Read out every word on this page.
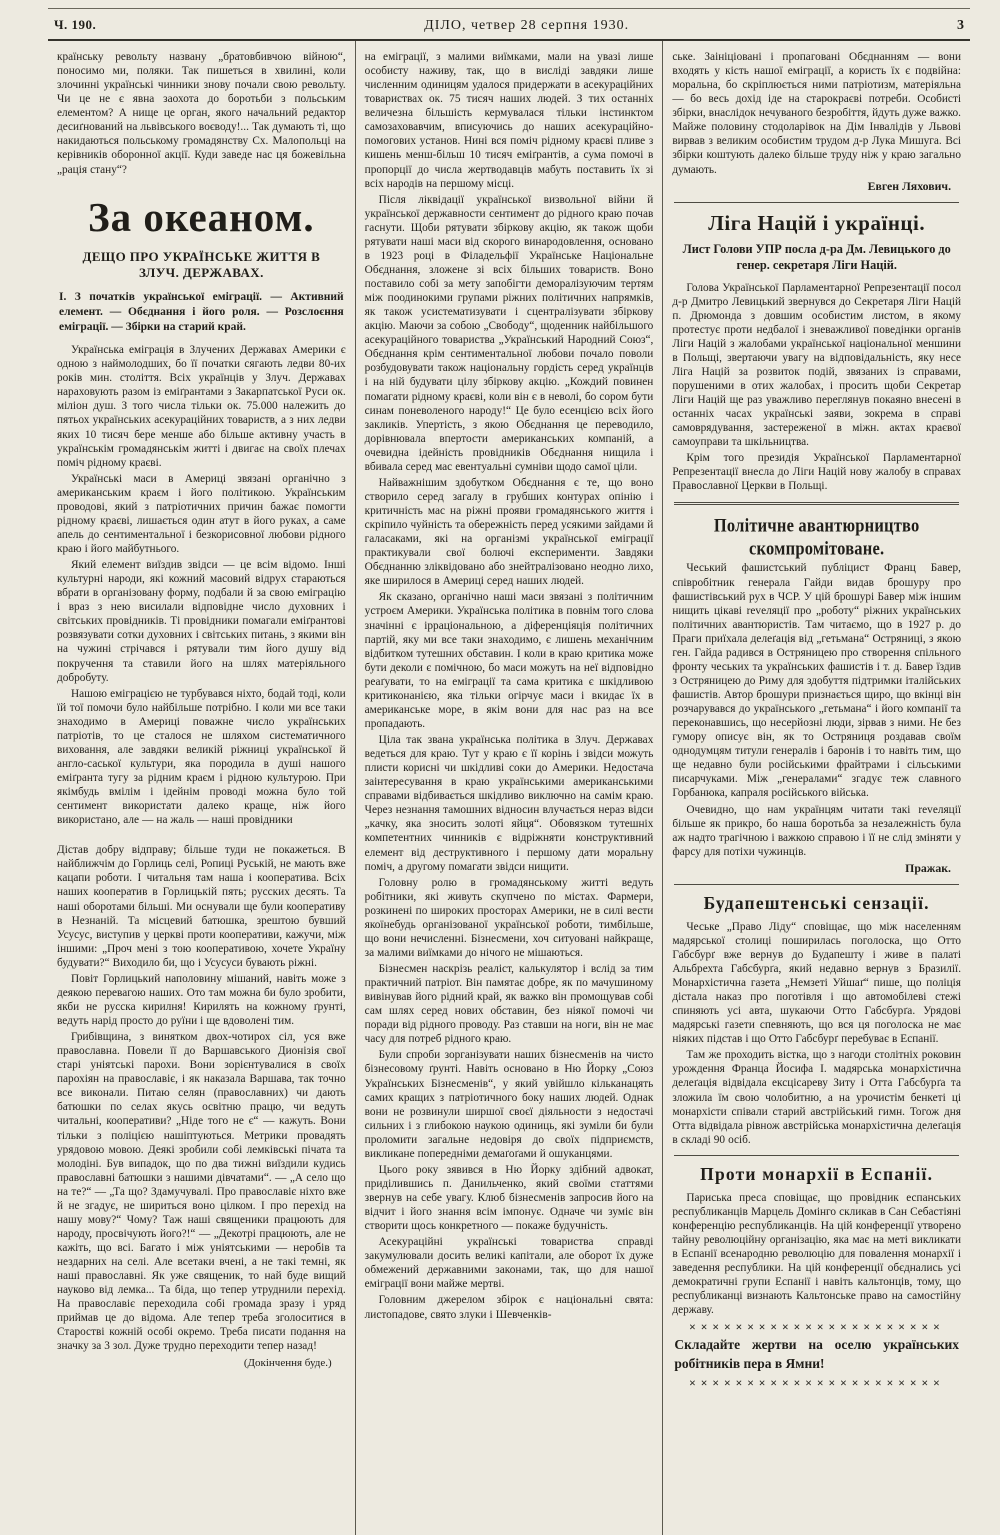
Ч. 190.	ДІЛО, четвер 28 серпня 1930.	3

країнську револьту названу „братовбивчою війною“, поносимо ми, поляки. Так пишеться в хвилині, коли злочинні українські чинники знову почали свою револьту. Чи це не є явна заохота до боротьби з польським елементом? А нище це орган, якого начальний редактор десиґнований на львівського воєводу!... Так думають ті, що накидаються польському громадянству Сх. Малопольці на керівників оборонної акції. Куди заведе нас ця божевільна „рація стану“?

За океаном.
ДЕЩО ПРО УКРАЇНСЬКЕ ЖИТТЯ В ЗЛУЧ. ДЕРЖАВАХ.

І. З початків української еміграції. — Активний елемент. — Обєднання і його роля. — Розслоєння еміграції. — Збірки на старий край.

Українська еміграція в Злучених Державах Америки є одною з наймолодших, бо її початки сягають ледви 80-их років мин. століття. Всіх українців у Злуч. Державах нараховують разом із еміґрантами з Закарпатської Руси ок. міліон душ. З того числа тільки ок. 75.000 належить до пятьох українських асекураційних товариств, а з них ледви яких 10 тисяч бере менше або більше активну участь в українськім громадянськім житті і двигає на своїх плечах поміч рідному краєві.

Українські маси в Америці звязані органічно з американським краєм і його політикою. Українським проводові, який з патріотичних причин бажає помогти рідному краєві, лишається один атут в його руках, а саме апель до сентиментальної і безкорисовної любови рідного краю і його майбутнього.

Який елемент виїздив звідси — це всім відомо. Інші культурні народи, які кожний масовий відрух стараються вбрати в організовану форму, подбали й за свою еміграцію і враз з нею висилали відповідне число духовних і світських провідників. Ті провідники помагали еміґрантові розвязувати сотки духовних і світських питань, з якими він на чужині стрічався і рятували тим його душу від покручення та ставили його на шлях матеріяльного добробуту.

Нашою еміграцією не турбувався ніхто, бодай тоді, коли їй тої помочи було найбільше потрібно. І коли ми все таки знаходимо в Америці поважне число українських патріотів, то це сталося не шляхом систематичного виховання, але завдяки великій ріжниці української й англо-саської культури, яка породила в душі нашого еміґранта тугу за рідним краєм і рідною культурою. При якімбудь вмілім і ідейнім проводі можна було той сентимент використати далеко краще, ніж його використано, але — на жаль — наші провідники

Дістав добру відправу; більше туди не покажеться. В найближчім до Горлиць селі, Ропиці Руській, не мають вже кацапи роботи. І читальня там наша і кооператива. Всіх наших кооператив в Горлицькій пять; русских десять. Та наші оборотами більші. Ми оснували ще були кооперативу в Незнаній. Та місцевий батюшка, зрештою бувший Усусус, виступив у церкві проти кооперативи, кажучи, між іншими: „Проч мені з тою кооперативою, хочете Україну будувати?“ Виходило би, що і Усусуси бувають ріжні.

Повіт Горлицький наполовину мішаний, навіть може з деякою перевагою наших. Ото там можна би було зробити, якби не русска кирилня! Кирилять на кожному ґрунті, ведуть нарід просто до руїни і ще вдоволені тим.

Грибівщина, з винятком двох-чотирох сіл, уся вже православна. Повели її до Варшавського Дионізія свої старі уніятські парохи. Вони зорієнтувалися в своїх парохіян на православіє, і як наказала Варшава, так точно все виконали. Питаю селян (православних) чи дають батюшки по селах якусь освітню працю, чи ведуть читальні, кооперативи? „Ніде того не є“ — кажуть. Вони тільки з поліцією нашіптуються. Метрики провадять урядовою мовою. Деякі зробили собі лемківські пічата та молодіні. Був випадок, що по два тижні виїздили кудись православні батюшки з нашими дівчатами“. — „А село що на те?“ — „Та що? Здамучувалі. Про православіє ніхто вже й не згадує, не шириться воно цілком. І про перехід на нашу мову?“ Чому? Таж наші священики працюють для народу, просвічують його?!“ — „Декотрі працюють, але не кажіть, що всі. Багато і між уніятськими — неробів та нездарних на селі. Але всетаки вчені, а не такі темні, як наші православні. Як уже священик, то най буде вищий науково від лемка... Та біда, що тепер утруднили перехід. На православіє переходила собі громада зразу і уряд приймав це до відома. Але тепер треба зголоситися в Старостві кожній особі окремо. Треба писати подання на значку за 3 зол. Дуже трудно переходити тепер назад!

(Докінчення буде.)

на еміграції, з малими виїмками, мали на увазі лише особисту наживу, так, що в висліді завдяки лише численним одиницям удалося придержати в асекураційних товариствах ок. 75 тисяч наших людей. З тих останніх величезна більшість кермувалася тільки інстинктом самозаховавчим, вписуючись до наших асекураційно-помогових установ. Нині вся поміч рідному краєві пливе з кишень менш-більш 10 тисяч еміґрантів, а сума помочі в пропорції до числа жертводавців мабуть поставить їх зі всіх народів на першому місці.

Після ліквідації української визвольної війни й української державности сентимент до рідного краю почав гаснути. Щоби рятувати збіркову акцію, як також щоби рятувати наші маси від скорого винародовлення, основано в 1923 році в Філадельфії Українське Національне Обєднання, зложене зі всіх більших товариств. Воно поставило собі за мету запобігти деморалізуючим тертям між поодинокими групами ріжних політичних напрямків, як також усистематизувати і сцентралізувати збіркову акцію. Маючи за собою „Свободу“, щоденник найбільшого асекураційного товариства „Український Народний Союз“, Обєднання крім сентиментальної любови почало поволи розбудовувати також національну гордість серед українців і на ній будувати цілу збіркову акцію. „Кождий повинен помагати рідному краєві, коли він є в неволі, бо сором бути синам поневоленого народу!“ Це було есенцією всіх його закликів. Упертість, з якою Обєднання це переводило, дорівнювала впертости американських компаній, а очевидна ідейність провідників Обєднання нищила і вбивала серед мас евентуальні сумніви щодо самої ціли.

Найважнішим здобутком Обєднання є те, що воно створило серед загалу в грубших контурах опінію і критичність мас на ріжні прояви громадянського життя і скріпило чуйність та обережність перед усякими зайдами й галасаками, які на організмі української еміграції практикували свої болючі експерименти. Завдяки Обєднанню зліквідовано або знейтралізовано неодно лихо, яке ширилося в Америці серед наших людей.

Як сказано, органічно наші маси звязані з політичним устроєм Америки. Українська політика в повнім того слова значінні є ірраціональною, а діференціяція політичних партій, яку ми все таки знаходимо, є лишень механічним відбитком тутешних обставин. І коли в краю критика може бути деколи є помічною, бо маси можуть на неї відповідно реаґувати, то на еміграції та сама критика є шкідливою критиконанією, яка тільки огірчує маси і вкидає їх в американське море, в якім вони для нас раз на все пропадають.

Ціла так звана українська політика в Злуч. Державах ведеться для краю. Тут у краю є її корінь і звідси можуть плисти корисні чи шкідливі соки до Америки. Недостача заінтересування в краю українськими американськими справами відбивається шкідливо виключно на самім краю. Через незнання тамошних відносин влучається нераз відси „качку, яка зносить золоті яйця“. Обовязком тутешніх компетентних чинників є відріжняти конструктивний елемент від деструктивного і першому дати моральну поміч, а другому помагати звідси нищити.

Головну ролю в громадянському житті ведуть робітники, які живуть скупчено по містах. Фармери, розкинені по широких просторах Америки, не в силі вести якоїнебудь організованої української роботи, тимбільше, що вони нечисленні. Бізнесмени, хоч ситуовані найкраще, за малими виїмками до нічого не мішаються.

Бізнесмен наскрізь реаліст, калькулятор і вслід за тим практичний патріот. Він памятає добре, як по мачушиному вивінував його рідний край, як важко він промощував собі сам шлях серед нових обставин, без ніякої помочі чи поради від рідного проводу. Раз ставши на ноги, він не має часу для потреб рідного краю.

Були спроби зорганізувати наших бізнесменів на чисто бізнесовому ґрунті. Навіть основано в Ню Йорку „Союз Українських Бізнесменів“, у який увійшло кільканацять самих кращих з патріотичного боку наших людей. Однак вони не розвинули ширшої своєї діяльности з недостачі сильних і з глибокою наукою одиниць, які зуміли би були проломити загальне недовіря до своїх підприємств, викликане попередніми демаґоґами й ошуканцями.

Цього року зявився в Ню Йорку здібний адвокат, приділившись п. Данильченко, який своїми статтями звернув на себе увагу. Клюб бізнесменів запросив його на відчит і його знання всім імпонує. Одначе чи зуміє він створити щось конкретного — покаже будучність.

Асекураційні українські товариства справді закумулювали досить великі капітали, але оборот їх дуже обмежений державними законами, так, що для нашої еміграції вони майже мертві.

Головним джерелом збірок є національні свята: листопадове, свято злуки і Шевченків-

ське. Заініціовані і пропаговані Обєднанням — вони входять у кість нашої еміграції, а користь їх є подвійна: моральна, бо скріплюється ними патріотизм, матеріяльна — бо весь дохід іде на старокраєві потреби. Особисті збірки, внаслідок нечуваного безробіття, йдуть дуже важко. Майже половину стодоларівок на Дім Інвалідів у Львові вирвав з великим особистим трудом д-р Лука Мишуга. Всі збірки коштують далеко більше труду ніж у краю загально думають.

Евген Ляхович.

Ліга Націй і українці.
Лист Голови УПР посла д-ра Дм. Левицького до генер. секретаря Ліги Націй.

Голова Української Парламентарної Репрезентації посол д-р Дмитро Левицький звернувся до Секретаря Ліги Націй п. Дрюмонда з довшим особистим листом, в якому протестує проти недбалої і зневажливої поведінки органів Ліги Націй з жалобами української національної меншини в Польщі, звертаючи увагу на відповідальність, яку несе Ліга Націй за розвиток подій, звязаних із справами, порушеними в отих жалобах, і просить щоби Секретар Ліги Націй ще раз уважливо переглянув покаяно внесені в останніх часах українські заяви, зокрема в справі самоврядування, застереженої в міжн. актах краєвої самоуправи та шкільництва.

Крім того президія Української Парламентарної Репрезентації внесла до Ліги Націй нову жалобу в справах Православної Церкви в Польщі.

Політичне авантюрництво скомпромітоване.

Чеський фашистський публіцист Франц Бавер, співробітник генерала Гайди видав брошуру про фашистівський рух в ЧСР. У цій брошурі Бавер між іншим нищить цікаві revеляції про „роботу“ ріжних українських політичних авантюристів. Там читаємо, що в 1927 р. до Праги приїхала делеґація від „гетьмана“ Остряниці, з якою ген. Гайда радився в Остряницею про створення спільного фронту чеських та українських фашистів і т. д. Бавер їздив з Остряницею до Риму для здобуття підтримки італійських фашистів. Автор брошури признається щиро, що вкінці він розчарувався до українського „гетьмана“ і його компанії та переконавшись, що несерйозні люди, зірвав з ними. Не без гумору описує він, як то Остряниця роздавав своїм однодумцям титули генералів і баронів і то навіть тим, що ще недавно були російськими фрайтрами і сільськими писарчуками. Між „генералами“ згадує теж славного Горбанюка, капраля російського війська.

Очевидно, що нам українцям читати такі revеляції більше як прикро, бо наша боротьба за незалежність була аж надто трагічною і важкою справою і її не слід зміняти у фарсу для потіхи чужинців.

Пражак.

Будапештенські сензації.

Чеське „Право Ліду“ сповіщає, що між населенням мадярської столиці поширилась поголоска, що Отто Габсбурґ вже вернув до Будапешту і живе в палаті Альбрехта Габсбурґа, який недавно вернув з Бразилії. Монархістична газета „Немзеті Уйшаґ“ пише, що поліція дістала наказ про поготівля і що автомобілеві стежі спиняють усі авта, шукаючи Отто Габсбурґа. Урядові мадярські газети спевняють, що вся ця поголоска не має ніяких підстав і що Отто Габсбурґ перебуває в Еспанії.

Там же проходить вістка, що з нагоди столітніх роковин урождення Франца Йосифа І. мадярська монархістична делеґація відвідала ексцісареву Зиту і Отта Габсбурґа та зложила їм свою чолобитню, а на урочистім бенкеті ці монархісти співали старий австрійський гимн. Тогож дня Отта відвідала рівнож австрійська монархістична делеґація в складі 90 осіб.

Проти монархії в Еспанії.

Париська преса сповіщає, що провідник еспанських республиканців Марцель Домінго скликав в Сан Себастіяні конференцію республиканців. На цій конференції утворено тайну революційну організацію, яка має на меті викликати в Еспанії всенародню революцію для повалення монархії і заведення республики. На цій конференції обєднались усі демократичні групи Еспанії і навіть кальтонців, тому, що республиканці визнають Кальтонське право на самостійну державу.

✕✕✕✕✕✕✕✕✕✕✕✕✕✕✕✕✕✕✕✕✕✕

Складайте жертви на оселю українських робітників пера в Ямни!

✕✕✕✕✕✕✕✕✕✕✕✕✕✕✕✕✕✕✕✕✕✕
